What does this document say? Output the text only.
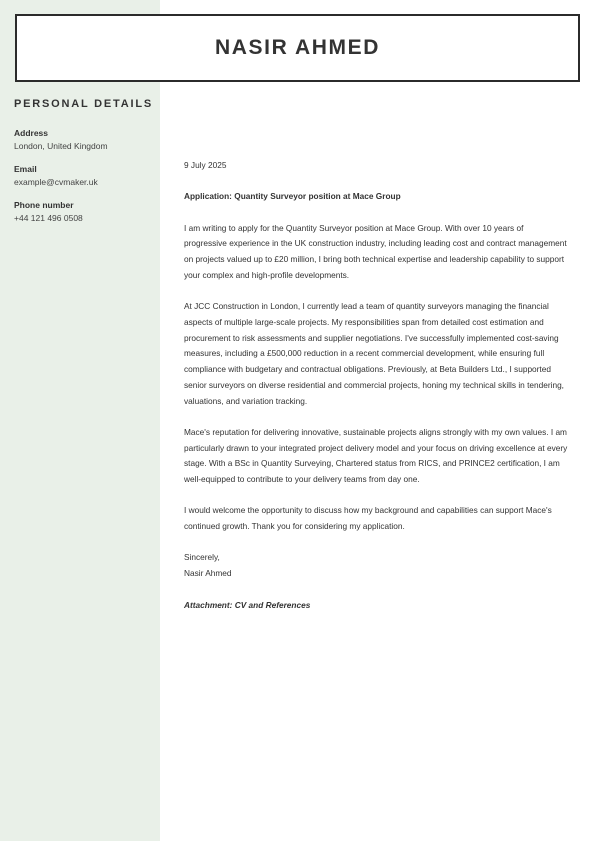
NASIR AHMED
PERSONAL DETAILS
Address
London, United Kingdom
Email
example@cvmaker.uk
Phone number
+44 121 496 0508

9 July 2025

Application: Quantity Surveyor position at Mace Group

I am writing to apply for the Quantity Surveyor position at Mace Group. With over 10 years of progressive experience in the UK construction industry, including leading cost and contract management on projects valued up to £20 million, I bring both technical expertise and leadership capability to support your complex and high-profile developments.

At JCC Construction in London, I currently lead a team of quantity surveyors managing the financial aspects of multiple large-scale projects. My responsibilities span from detailed cost estimation and procurement to risk assessments and supplier negotiations. I've successfully implemented cost-saving measures, including a £500,000 reduction in a recent commercial development, while ensuring full compliance with budgetary and contractual obligations. Previously, at Beta Builders Ltd., I supported senior surveyors on diverse residential and commercial projects, honing my technical skills in tendering, valuations, and variation tracking.

Mace's reputation for delivering innovative, sustainable projects aligns strongly with my own values. I am particularly drawn to your integrated project delivery model and your focus on driving excellence at every stage. With a BSc in Quantity Surveying, Chartered status from RICS, and PRINCE2 certification, I am well-equipped to contribute to your delivery teams from day one.

I would welcome the opportunity to discuss how my background and capabilities can support Mace's continued growth. Thank you for considering my application.

Sincerely,
Nasir Ahmed

Attachment: CV and References
